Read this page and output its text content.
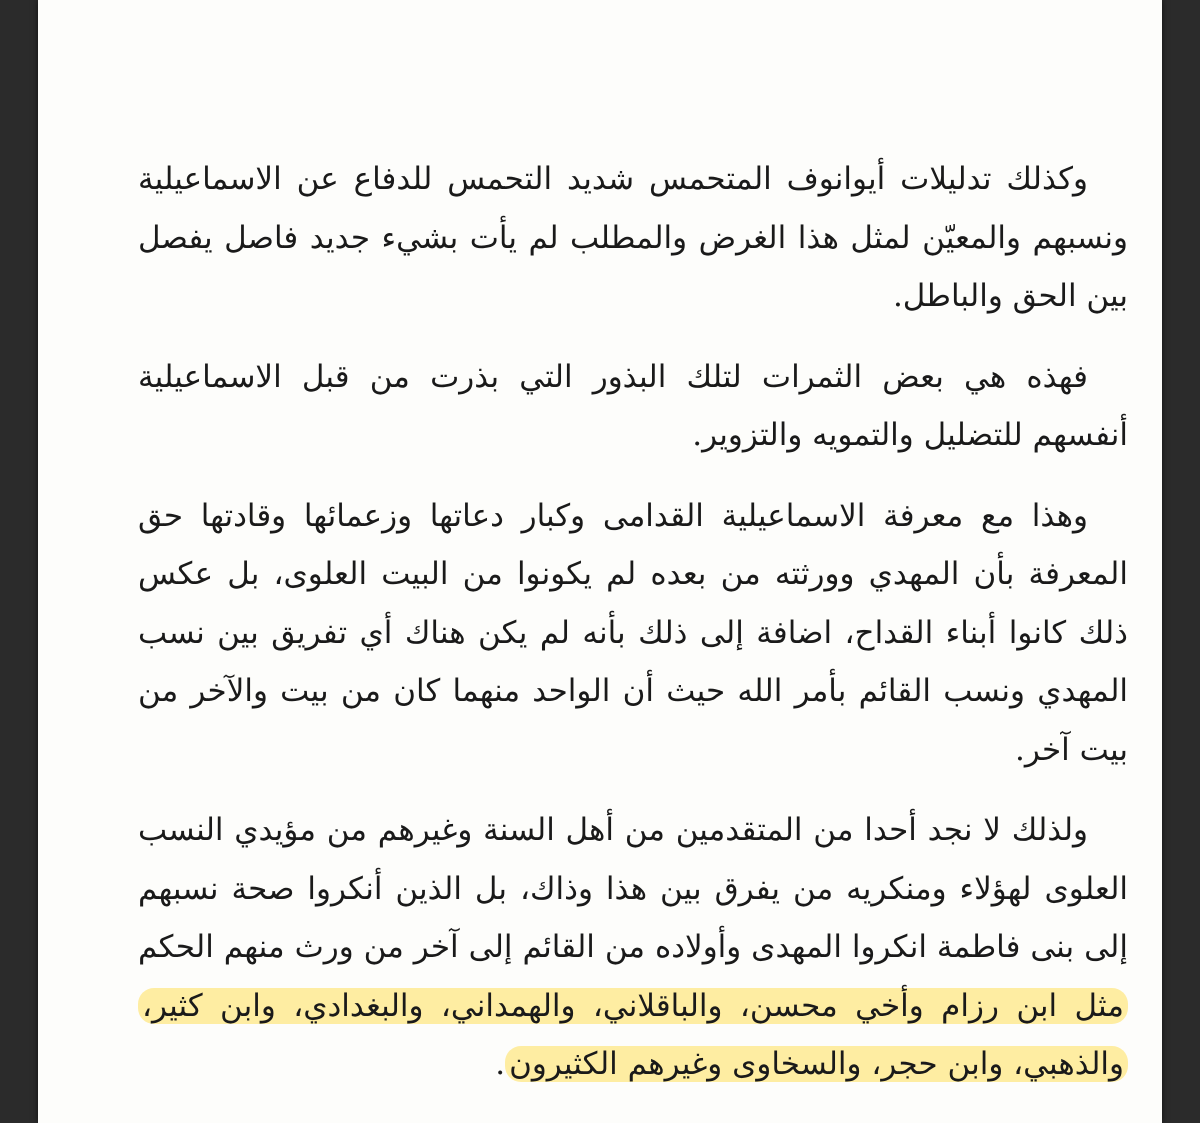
وكذلك تدليلات أيوانوف المتحمس شديد التحمس للدفاع عن الاسماعيلية ونسبهم والمعيّن لمثل هذا الغرض والمطلب لم يأت بشيء جديد فاصل يفصل بين الحق والباطل.

فهذه هي بعض الثمرات لتلك البذور التي بذرت من قبل الاسماعيلية أنفسهم للتضليل والتمويه والتزوير.

وهذا مع معرفة الاسماعيلية القدامى وكبار دعاتها وزعمائها وقادتها حق المعرفة بأن المهدي وورثته من بعده لم يكونوا من البيت العلوى، بل عكس ذلك كانوا أبناء القداح، اضافة إلى ذلك بأنه لم يكن هناك أي تفريق بين نسب المهدي ونسب القائم بأمر الله حيث أن الواحد منهما كان من بيت والآخر من بيت آخر.

ولذلك لا نجد أحدا من المتقدمين من أهل السنة وغيرهم من مؤيدي النسب العلوى لهؤلاء ومنكريه من يفرق بين هذا وذاك، بل الذين أنكروا صحة نسبهم إلى بنى فاطمة انكروا المهدى وأولاده من القائم إلى آخر من ورث منهم الحكم مثل ابن رزام وأخي محسن، والباقلاني، والهمداني، والبغدادي، وابن كثير، والذهبي، وابن حجر، والسخاوى وغيرهم الكثيرون.
